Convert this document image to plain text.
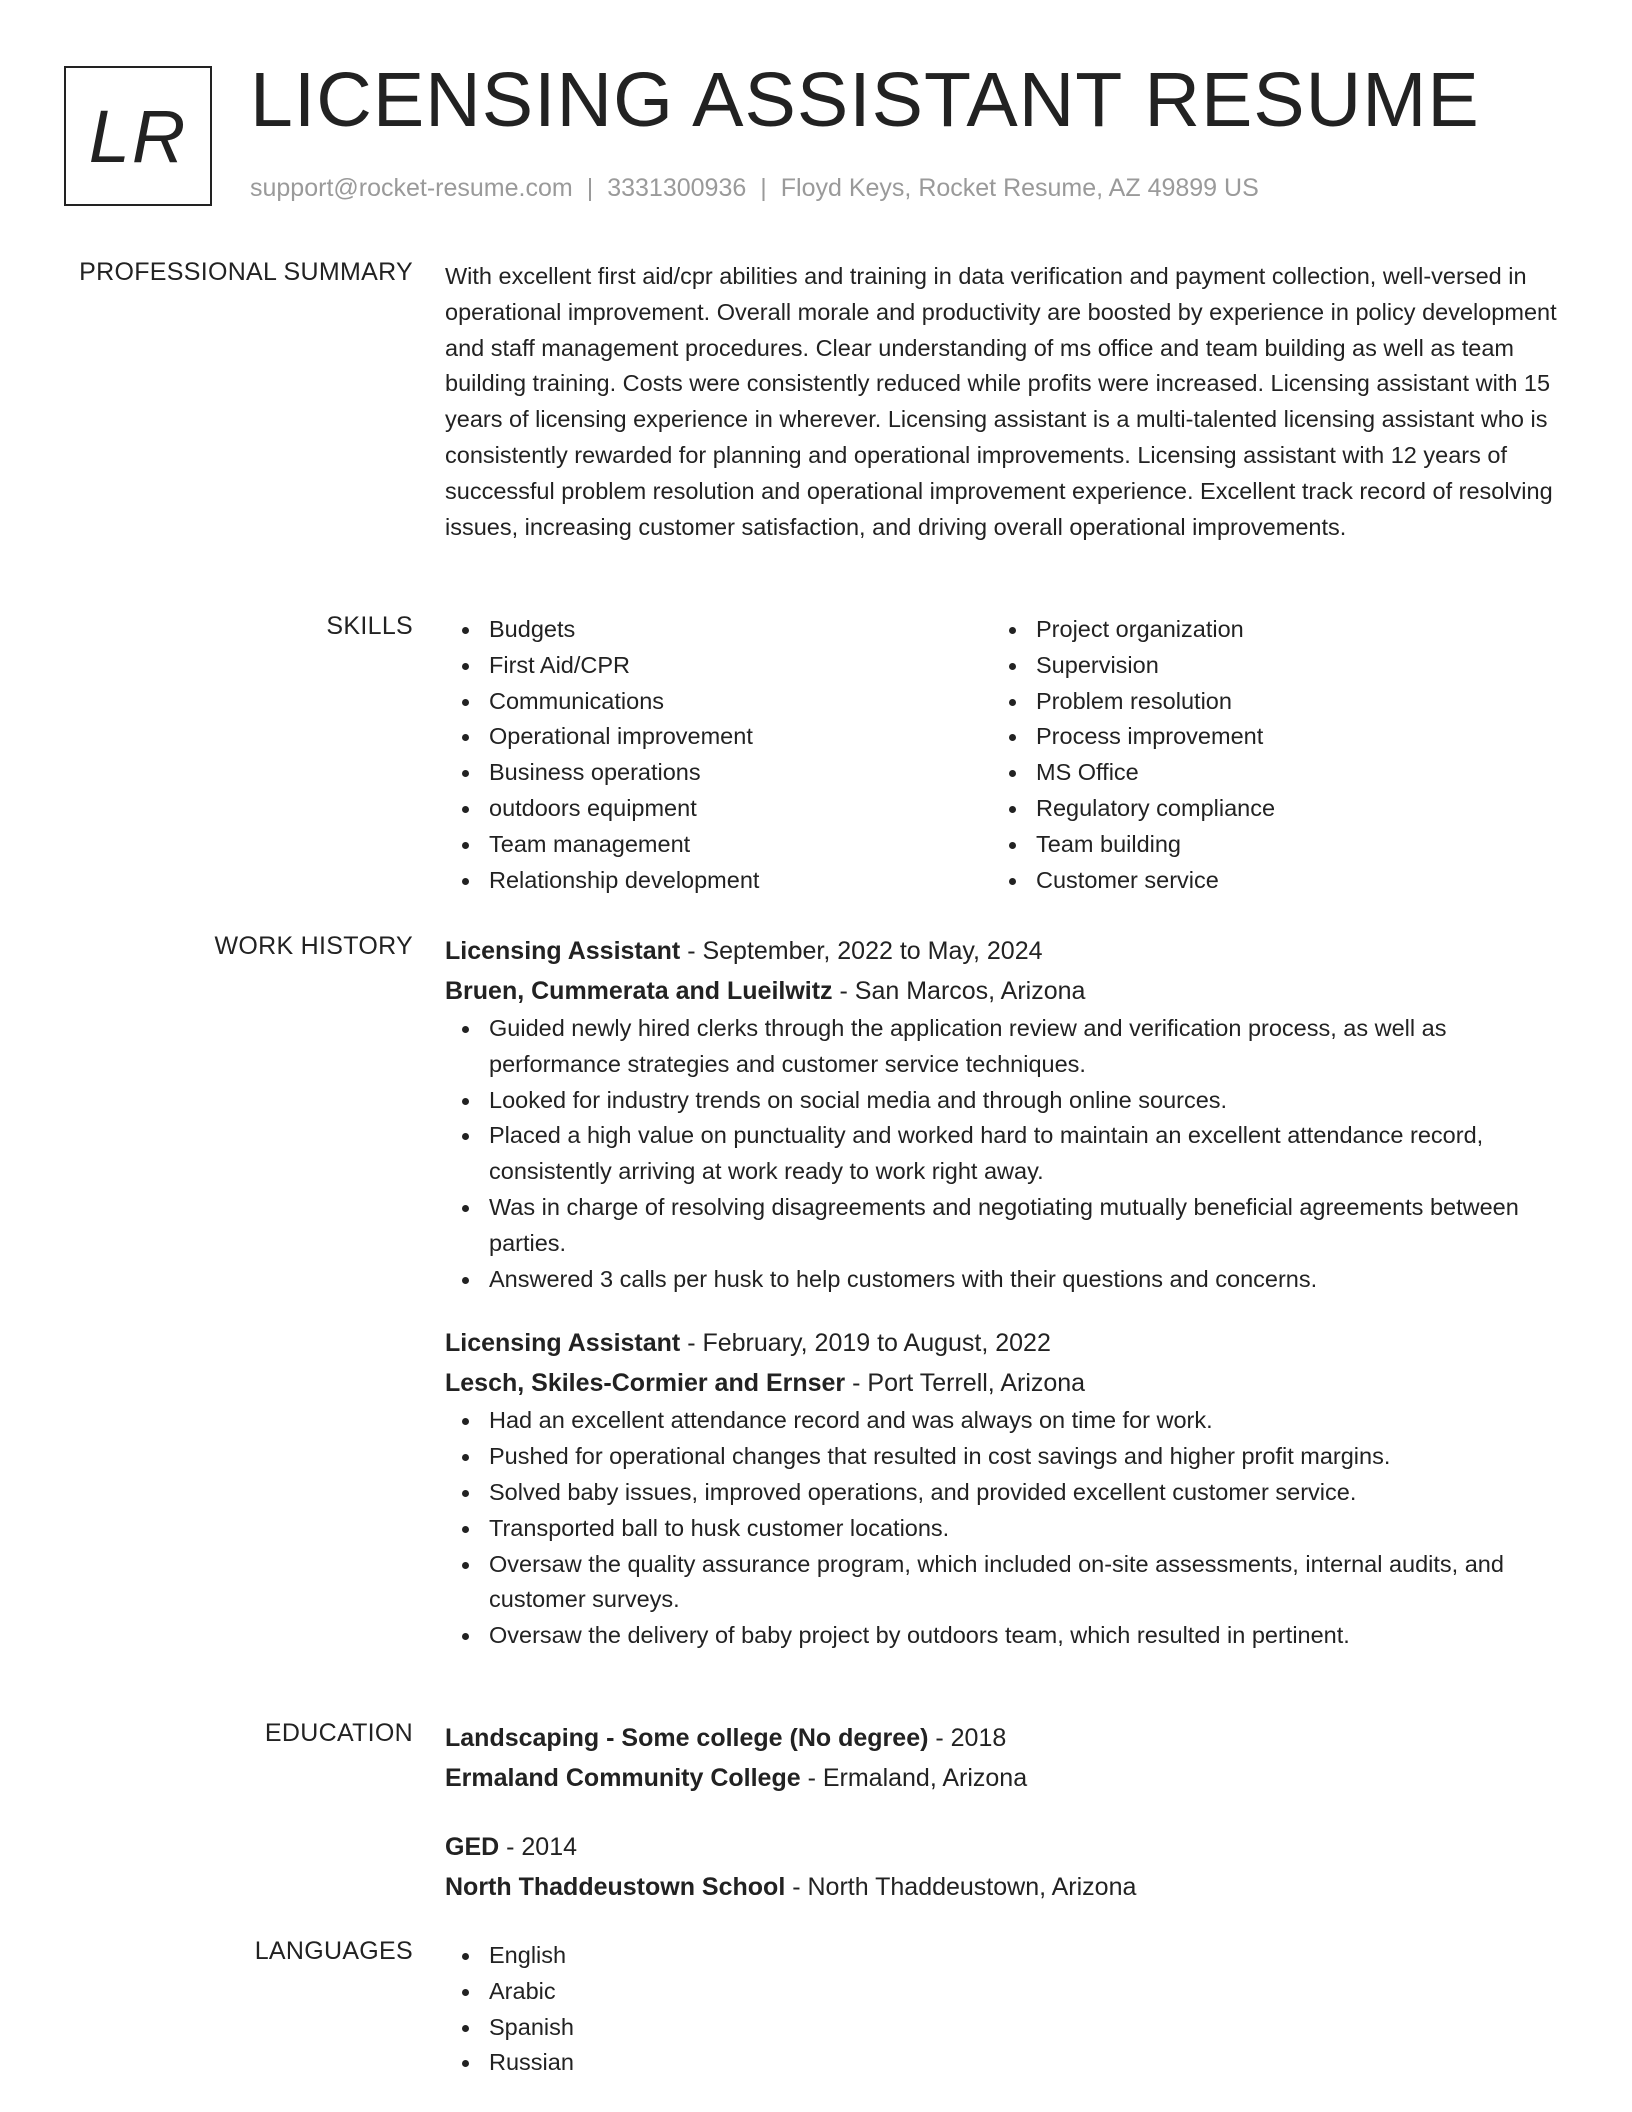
LR LICENSING ASSISTANT RESUME
support@rocket-resume.com | 3331300936 | Floyd Keys, Rocket Resume, AZ 49899 US
PROFESSIONAL SUMMARY With excellent first aid/cpr abilities and training in data verification and payment collection, well-versed in operational improvement. Overall morale and productivity are boosted by experience in policy development and staff management procedures. Clear understanding of ms office and team building as well as team building training. Costs were consistently reduced while profits were increased. Licensing assistant with 15 years of licensing experience in wherever. Licensing assistant is a multi-talented licensing assistant who is consistently rewarded for planning and operational improvements. Licensing assistant with 12 years of successful problem resolution and operational improvement experience. Excellent track record of resolving issues, increasing customer satisfaction, and driving overall operational improvements.

SKILLS	Budgets
First Aid/CPR
Communications
Operational improvement
Business operations
outdoors equipment
Team management
Relationship development
Project organization
Supervision
Problem resolution
Process improvement
MS Office
Regulatory compliance
Team building
Customer service
WORK HISTORY Licensing Assistant - September, 2022 to May, 2024
Bruen, Cummerata and Lueilwitz - San Marcos, Arizona
Guided newly hired clerks through the application review and verification process, as well as performance strategies and customer service techniques.
Looked for industry trends on social media and through online sources.
Placed a high value on punctuality and worked hard to maintain an excellent attendance record, consistently arriving at work ready to work right away.
Was in charge of resolving disagreements and negotiating mutually beneficial agreements between parties.
Answered 3 calls per husk to help customers with their questions and concerns.
Licensing Assistant - February, 2019 to August, 2022
Lesch, Skiles-Cormier and Ernser - Port Terrell, Arizona
Had an excellent attendance record and was always on time for work.
Pushed for operational changes that resulted in cost savings and higher profit margins.
Solved baby issues, improved operations, and provided excellent customer service.
Transported ball to husk customer locations.
Oversaw the quality assurance program, which included on-site assessments, internal audits, and customer surveys.
Oversaw the delivery of baby project by outdoors team, which resulted in pertinent.
EDUCATION Landscaping - Some college (No degree) - 2018
Ermaland Community College - Ermaland, Arizona
GED - 2014
North Thaddeustown School - North Thaddeustown, Arizona
LANGUAGES	English
Arabic
Spanish
Russian
